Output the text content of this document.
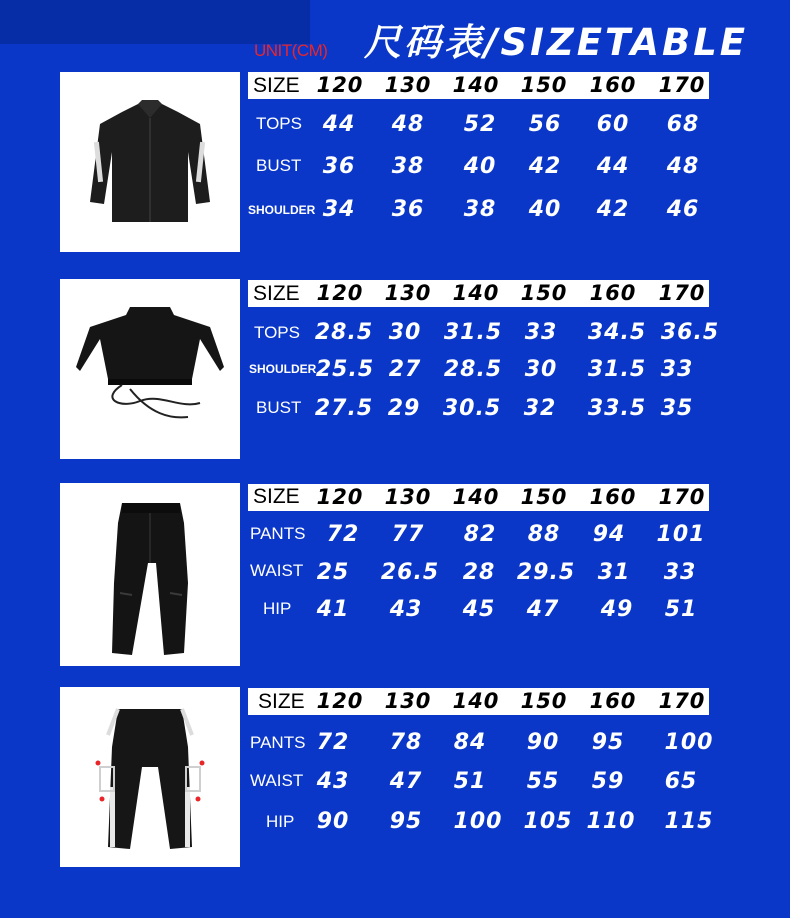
UNIT(CM) 尺码表/SIZETABLE
SIZE 120 130 140 150 160 170
TOPS 44 48 52 56 60 68
BUST 36 38 40 42 44 48
SHOULDER 34 36 38 40 42 46
SIZE 120 130 140 150 160 170
TOPS 28.5 30 31.5 33 34.5 36.5
SHOULDER 25.5 27 28.5 30 31.5 33
BUST 27.5 29 30.5 32 33.5 35
SIZE 120 130 140 150 160 170
PANTS 72 77 82 88 94 101
WAIST 25 26.5 28 29.5 31 33
HIP 41 43 45 47 49 51
SIZE 120 130 140 150 160 170
PANTS 72 78 84 90 95 100
WAIST 43 47 51 55 59 65
HIP 90 95 100 105 110 115
